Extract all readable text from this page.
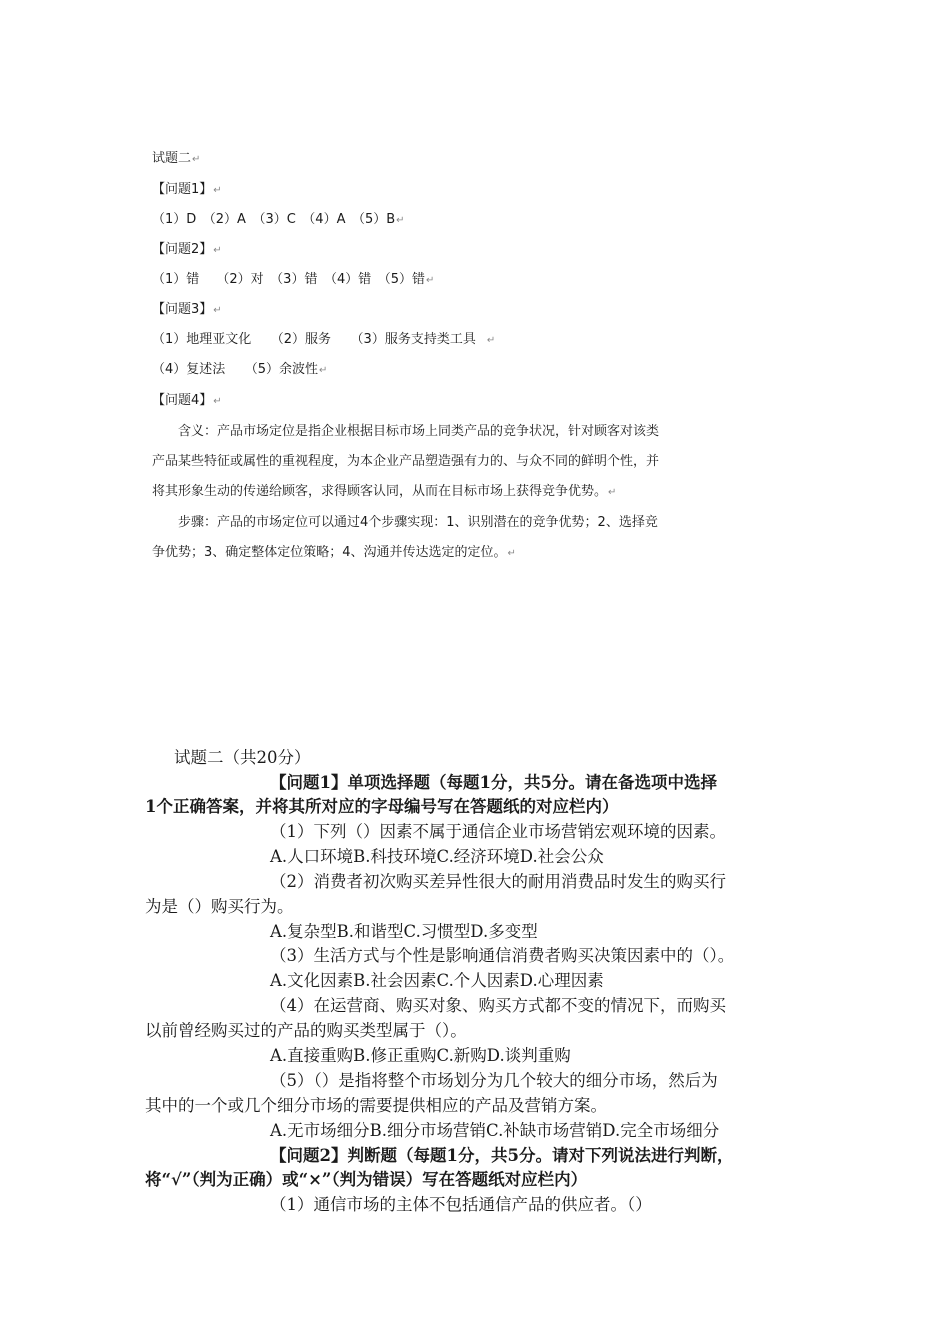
试题二↵
【问题1】↵
（1）D　（2）A　（3）C　（4）A　（5）B↵
【问题2】↵
（1）错　 （2）对　（3）错　（4）错　（5）错↵
【问题3】↵
（1）地理亚文化　　（2）服务　　（3）服务支持类工具　↵
（4）复述法　　（5）余波性↵
【问题4】↵
含义：产品市场定位是指企业根据目标市场上同类产品的竞争状况，针对顾客对该类
产品某些特征或属性的重视程度，为本企业产品塑造强有力的、与众不同的鲜明个性，并
将其形象生动的传递给顾客，求得顾客认同，从而在目标市场上获得竞争优势。↵
步骤：产品的市场定位可以通过4个步骤实现：1、识别潜在的竞争优势；2、选择竞
争优势；3、确定整体定位策略；4、沟通并传达选定的定位。↵
试题二（共20分）
【问题1】单项选择题（每题1分，共5分。请在备选项中选择
1个正确答案，并将其所对应的字母编号写在答题纸的对应栏内）
（1）下列（）因素不属于通信企业市场营销宏观环境的因素。
A.人口环境B.科技环境C.经济环境D.社会公众
（2）消费者初次购买差异性很大的耐用消费品时发生的购买行
为是（）购买行为。
A.复杂型B.和谐型C.习惯型D.多变型
（3）生活方式与个性是影响通信消费者购买决策因素中的（）。
A.文化因素B.社会因素C.个人因素D.心理因素
（4）在运营商、购买对象、购买方式都不变的情况下，而购买
以前曾经购买过的产品的购买类型属于（）。
A.直接重购B.修正重购C.新购D.谈判重购
（5）（）是指将整个市场划分为几个较大的细分市场，然后为
其中的一个或几个细分市场的需要提供相应的产品及营销方案。
A.无市场细分B.细分市场营销C.补缺市场营销D.完全市场细分
【问题2】判断题（每题1分，共5分。请对下列说法进行判断，
将“√”（判为正确）或“×”（判为错误）写在答题纸对应栏内）
（1）通信市场的主体不包括通信产品的供应者。（）
